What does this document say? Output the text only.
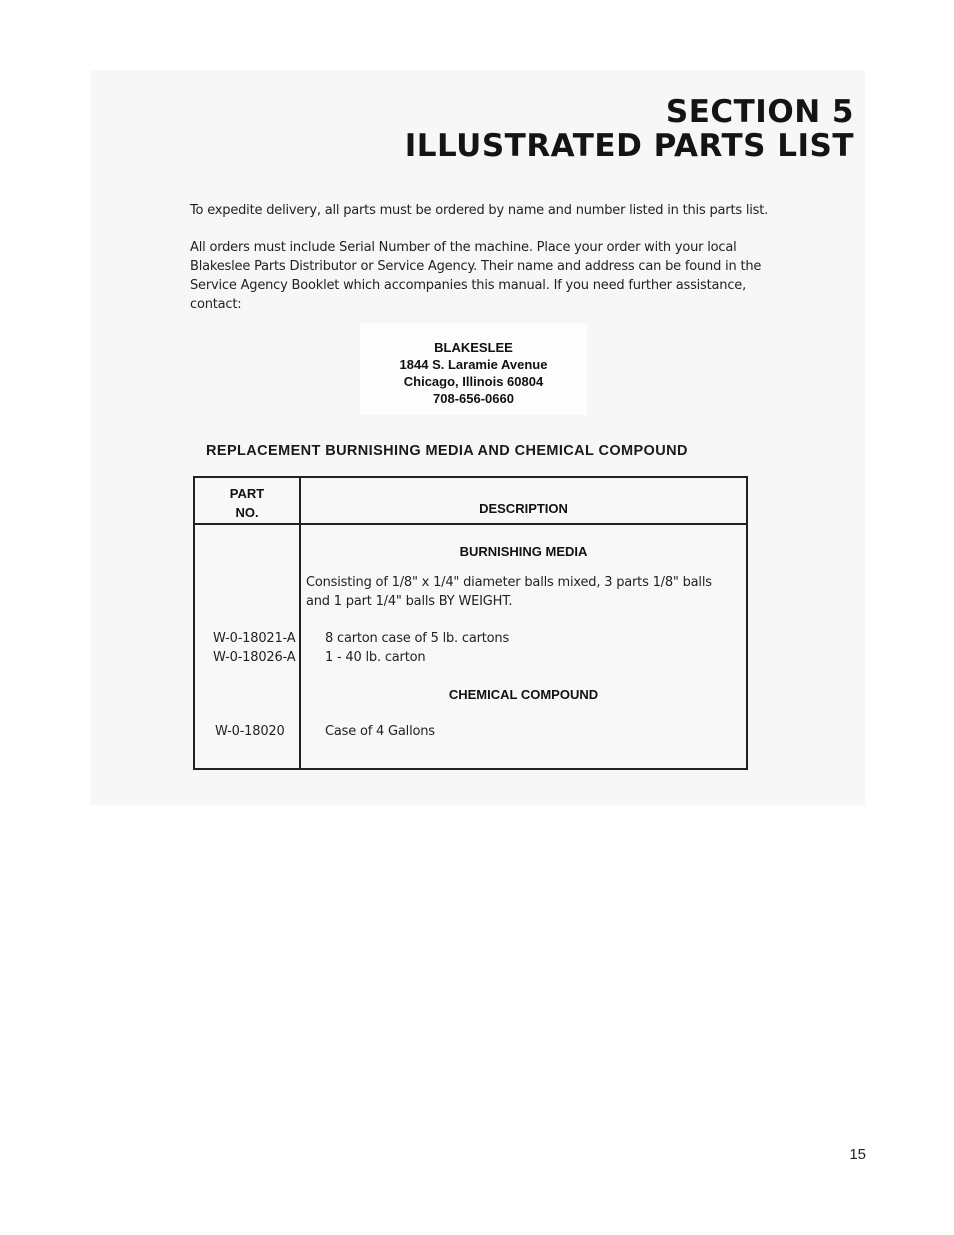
SECTION 5
ILLUSTRATED PARTS LIST
To expedite delivery, all parts must be ordered by name and number listed in this parts list.
All orders must include Serial Number of the machine. Place your order with your local
Blakeslee Parts Distributor or Service Agency. Their name and address can be found in the
Service Agency Booklet which accompanies this manual. If you need further assistance,
contact:
BLAKESLEE
1844 S. Laramie Avenue
Chicago, Illinois 60804
708-656-0660
REPLACEMENT BURNISHING MEDIA AND CHEMICAL COMPOUND
PART
NO.	DESCRIPTION
BURNISHING MEDIA
Consisting of 1/8" x 1/4" diameter balls mixed, 3 parts 1/8" balls
and 1 part 1/4" balls BY WEIGHT.
W-0-18021-A 8 carton case of 5 lb. cartons
W-0-18026-A 1 - 40 lb. carton
CHEMICAL COMPOUND
W-0-18020	Case of 4 Gallons
15
